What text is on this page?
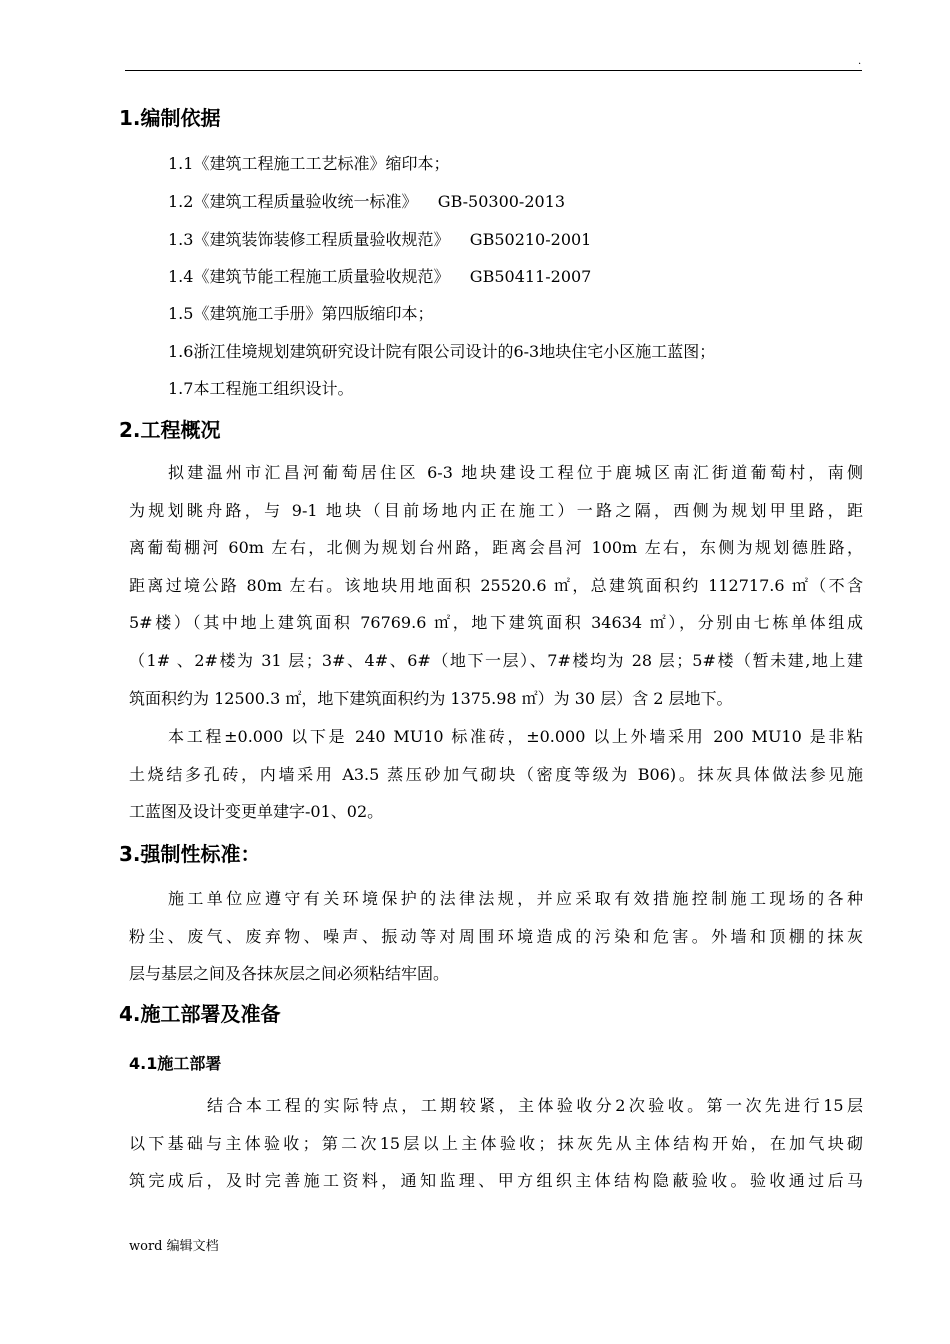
.
1.编制依据
1.1《建筑工程施工工艺标准》缩印本；
1.2《建筑工程质量验收统一标准》    GB-50300-2013
1.3《建筑装饰装修工程质量验收规范》    GB50210-2001
1.4《建筑节能工程施工质量验收规范》    GB50411-2007
1.5《建筑施工手册》第四版缩印本；
1.6浙江佳境规划建筑研究设计院有限公司设计的6-3地块住宅小区施工蓝图；
1.7本工程施工组织设计。
2.工程概况
拟建温州市汇昌河葡萄居住区 6-3 地块建设工程位于鹿城区南汇街道葡萄村，南侧
为规划眺舟路，与 9-1 地块（目前场地内正在施工）一路之隔，西侧为规划甲里路，距
离葡萄棚河 60m 左右，北侧为规划台州路，距离会昌河 100m 左右，东侧为规划德胜路，
距离过境公路 80m 左右。该地块用地面积 25520.6 ㎡，总建筑面积约 112717.6 ㎡（不含
5#楼）（其中地上建筑面积 76769.6 ㎡，地下建筑面积 34634 ㎡），分别由七栋单体组成
（1# 、2#楼为 31 层；3#、4#、6#（地下一层）、7#楼均为 28 层；5#楼（暂未建,地上建
筑面积约为 12500.3 ㎡，地下建筑面积约为 1375.98 ㎡）为 30 层）含 2 层地下。
本工程±0.000 以下是 240 MU10 标准砖，±0.000 以上外墙采用 200 MU10 是非粘
土烧结多孔砖，内墙采用 A3.5 蒸压砂加气砌块（密度等级为 B06)。抹灰具体做法参见施
工蓝图及设计变更单建字-01、02。
3.强制性标准：
施工单位应遵守有关环境保护的法律法规，并应采取有效措施控制施工现场的各种
粉尘、废气、废弃物、噪声、振动等对周围环境造成的污染和危害。外墙和顶棚的抹灰
层与基层之间及各抹灰层之间必须粘结牢固。
4.施工部署及准备
4.1施工部署
结合本工程的实际特点，工期较紧，主体验收分2次验收。第一次先进行15层
以下基础与主体验收；第二次15层以上主体验收；抹灰先从主体结构开始，在加气块砌
筑完成后，及时完善施工资料，通知监理、甲方组织主体结构隐蔽验收。验收通过后马
word 编辑文档
